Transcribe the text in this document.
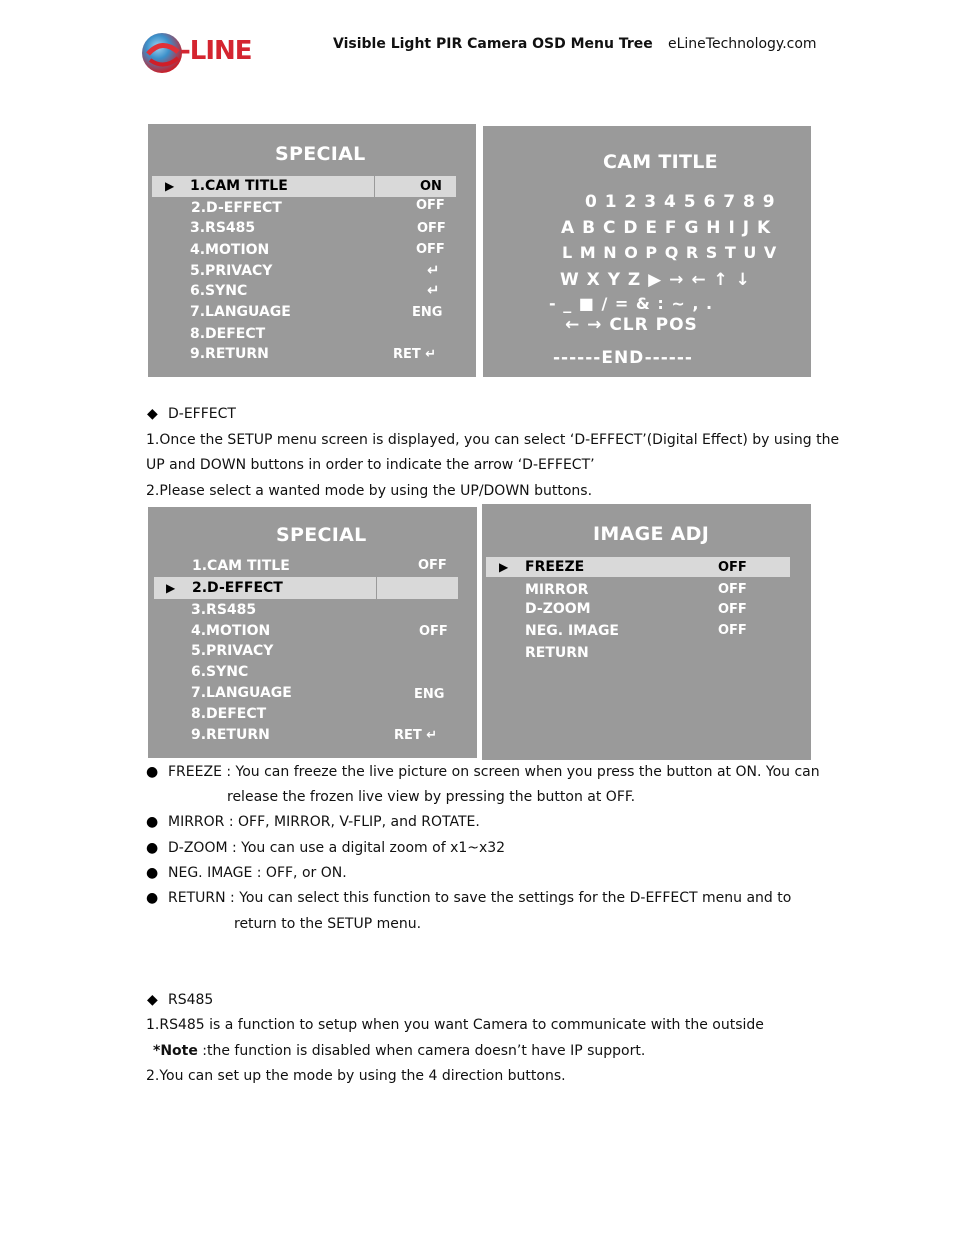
-LINE	Visible Light PIR Camera OSD Menu Tree eLineTechnology.com
SPECIAL
▶ 1.CAM TITLE	ON
2.D-EFFECT	OFF
3.RS485	OFF
4.MOTION	OFF
5.PRIVACY	↵
6.SYNC	↵
7.LANGUAGE	ENG
8.DEFECT
9.RETURN	RET ↵
CAM TITLE
0 1 2 3 4 5 6 7 8 9
A B C D E F G H I J K
L M N O P Q R S T U V
W X Y Z ▶ → ← ↑ ↓
- _ ■ / = & : ~ , .
← → CLR POS
------END------
◆ D-EFFECT
1.Once the SETUP menu screen is displayed, you can select ‘D-EFFECT’(Digital Effect) by using the
UP and DOWN buttons in order to indicate the arrow ‘D-EFFECT’
2.Please select a wanted mode by using the UP/DOWN buttons.
SPECIAL
1.CAM TITLE	OFF
▶ 2.D-EFFECT
3.RS485
4.MOTION	OFF
5.PRIVACY
6.SYNC
7.LANGUAGE	ENG
8.DEFECT
9.RETURN	RET ↵
IMAGE ADJ
▶ FREEZE	OFF
MIRROR	OFF
D-ZOOM	OFF
NEG. IMAGE	OFF
RETURN
● FREEZE : You can freeze the live picture on screen when you press the button at ON. You can
release the frozen live view by pressing the button at OFF.
● MIRROR : OFF, MIRROR, V-FLIP, and ROTATE.
● D-ZOOM : You can use a digital zoom of x1~x32
● NEG. IMAGE : OFF, or ON.
● RETURN : You can select this function to save the settings for the D-EFFECT menu and to
return to the SETUP menu.
◆ RS485
1.RS485 is a function to setup when you want Camera to communicate with the outside
*Note :the function is disabled when camera doesn’t have IP support.
2.You can set up the mode by using the 4 direction buttons.
